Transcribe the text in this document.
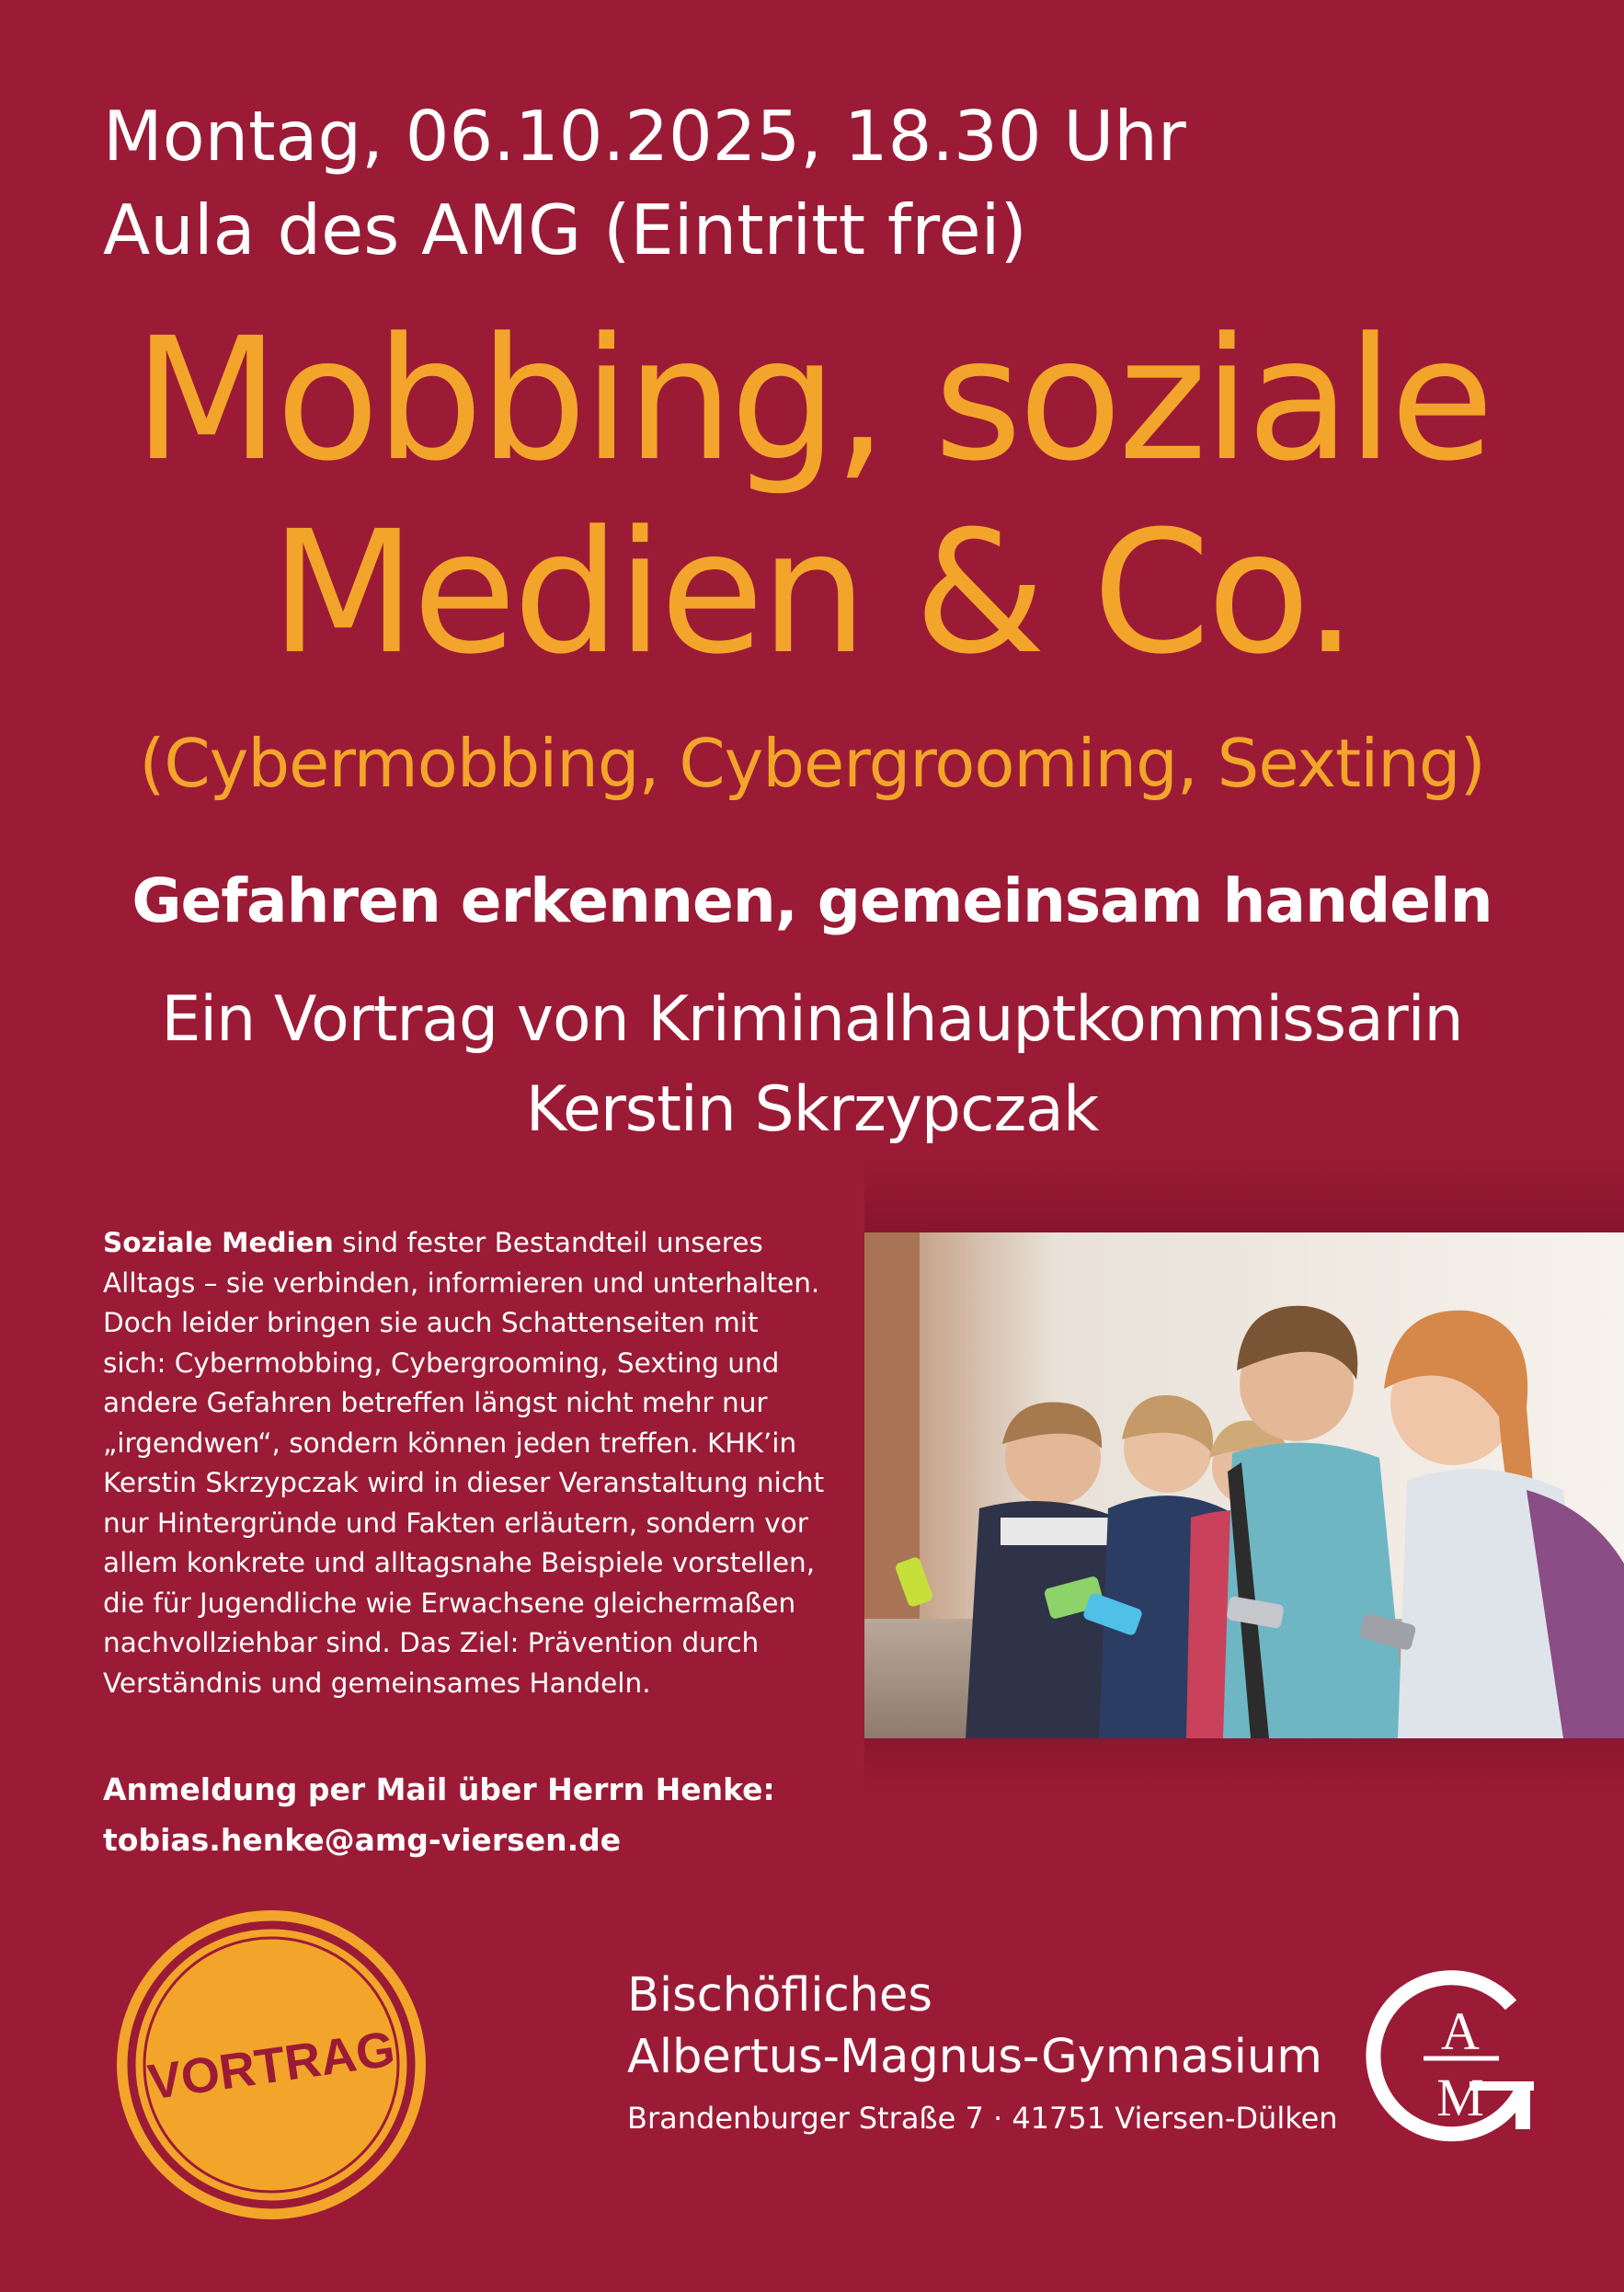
Montag, 06.10.2025, 18.30 Uhr
Aula des AMG (Eintritt frei)
Mobbing, soziale
Medien & Co.
(Cybermobbing, Cybergrooming, Sexting)
Gefahren erkennen, gemeinsam handeln
Ein Vortrag von Kriminalhauptkommissarin
Kerstin Skrzypczak
Soziale Medien sind fester Bestandteil unseres Alltags – sie verbinden, informieren und unterhalten. Doch leider bringen sie auch Schattenseiten mit sich: Cybermobbing, Cybergrooming, Sexting und andere Gefahren betreffen längst nicht mehr nur „irgendwen“, sondern können jeden treffen. KHK’in Kerstin Skrzypczak wird in dieser Veranstaltung nicht nur Hintergründe und Fakten erläutern, sondern vor allem konkrete und alltagsnahe Beispiele vorstellen, die für Jugendliche wie Erwachsene gleichermaßen nachvollziehbar sind. Das Ziel: Prävention durch Verständnis und gemeinsames Handeln.
Anmeldung per Mail über Herrn Henke:
tobias.henke@amg-viersen.de
VORTRAG
Bischöfliches
Albertus-Magnus-Gymnasium
Brandenburger Straße 7 · 41751 Viersen-Dülken
A
M
